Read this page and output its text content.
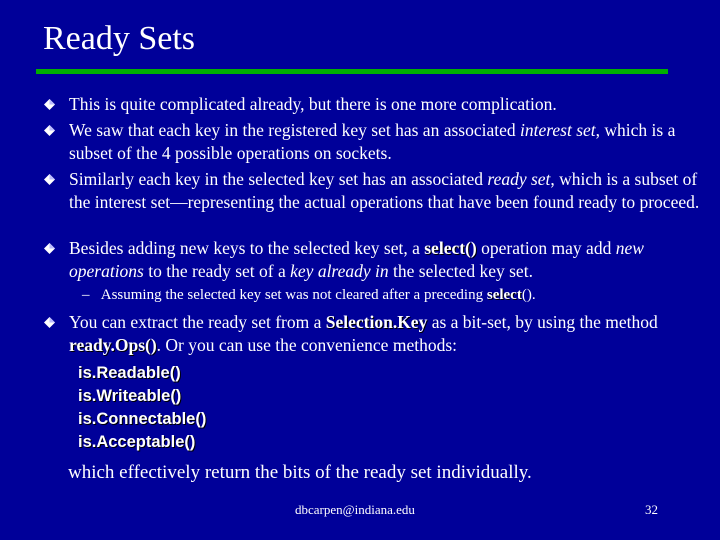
Ready Sets
This is quite complicated already, but there is one more complication.
We saw that each key in the registered key set has an associated interest set, which is a subset of the 4 possible operations on sockets.
Similarly each key in the selected key set has an associated ready set, which is a subset of the interest set—representing the actual operations that have been found ready to proceed.
Besides adding new keys to the selected key set, a select() operation may add new operations to the ready set of a key already in the selected key set.
– Assuming the selected key set was not cleared after a preceding select().
You can extract the ready set from a Selection.Key as a bit-set, by using the method ready.Ops(). Or you can use the convenience methods:
is.Readable()
is.Writeable()
is.Connectable()
is.Acceptable()
which effectively return the bits of the ready set individually.
dbcarpen@indiana.edu	32
